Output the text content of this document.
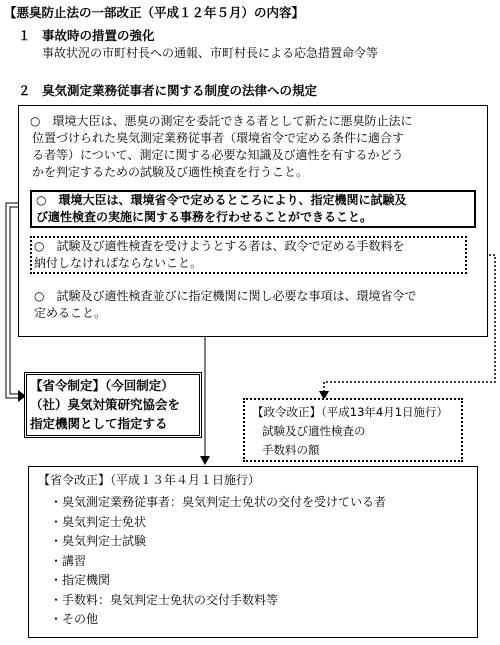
【悪臭防止法の一部改正（平成１２年５月）の内容】
１ 事故時の措置の強化
事故状況の市町村長への通報、市町村長による応急措置命令等
２ 臭気測定業務従事者に関する制度の法律への規定
○　環境大臣は、悪臭の測定を委託できる者として新たに悪臭防止法に
位置づけられた臭気測定業務従事者（環境省令で定める条件に適合す
る者等）について、測定に関する必要な知識及び適性を有するかどう
かを判定するための試験及び適性検査を行うこと。
○　環境大臣は、環境省令で定めるところにより、指定機関に試験及
び適性検査の実施に関する事務を行わせることができること。
○　試験及び適性検査を受けようとする者は、政令で定める手数料を
納付しなければならないこと。
○　試験及び適性検査並びに指定機関に関し必要な事項は、環境省令で
定めること。
【省令制定】（今回制定）
（社）臭気対策研究協会を
指定機関として指定する
【政令改正】（平成13年4月1日施行）
試験及び適性検査の
手数料の額
【省令改正】（平成１３年４月１日施行）
・臭気測定業務従事者：臭気判定士免状の交付を受けている者
・臭気判定士免状
・臭気判定士試験
・講習
・指定機関
・手数料：臭気判定士免状の交付手数料等
・その他
